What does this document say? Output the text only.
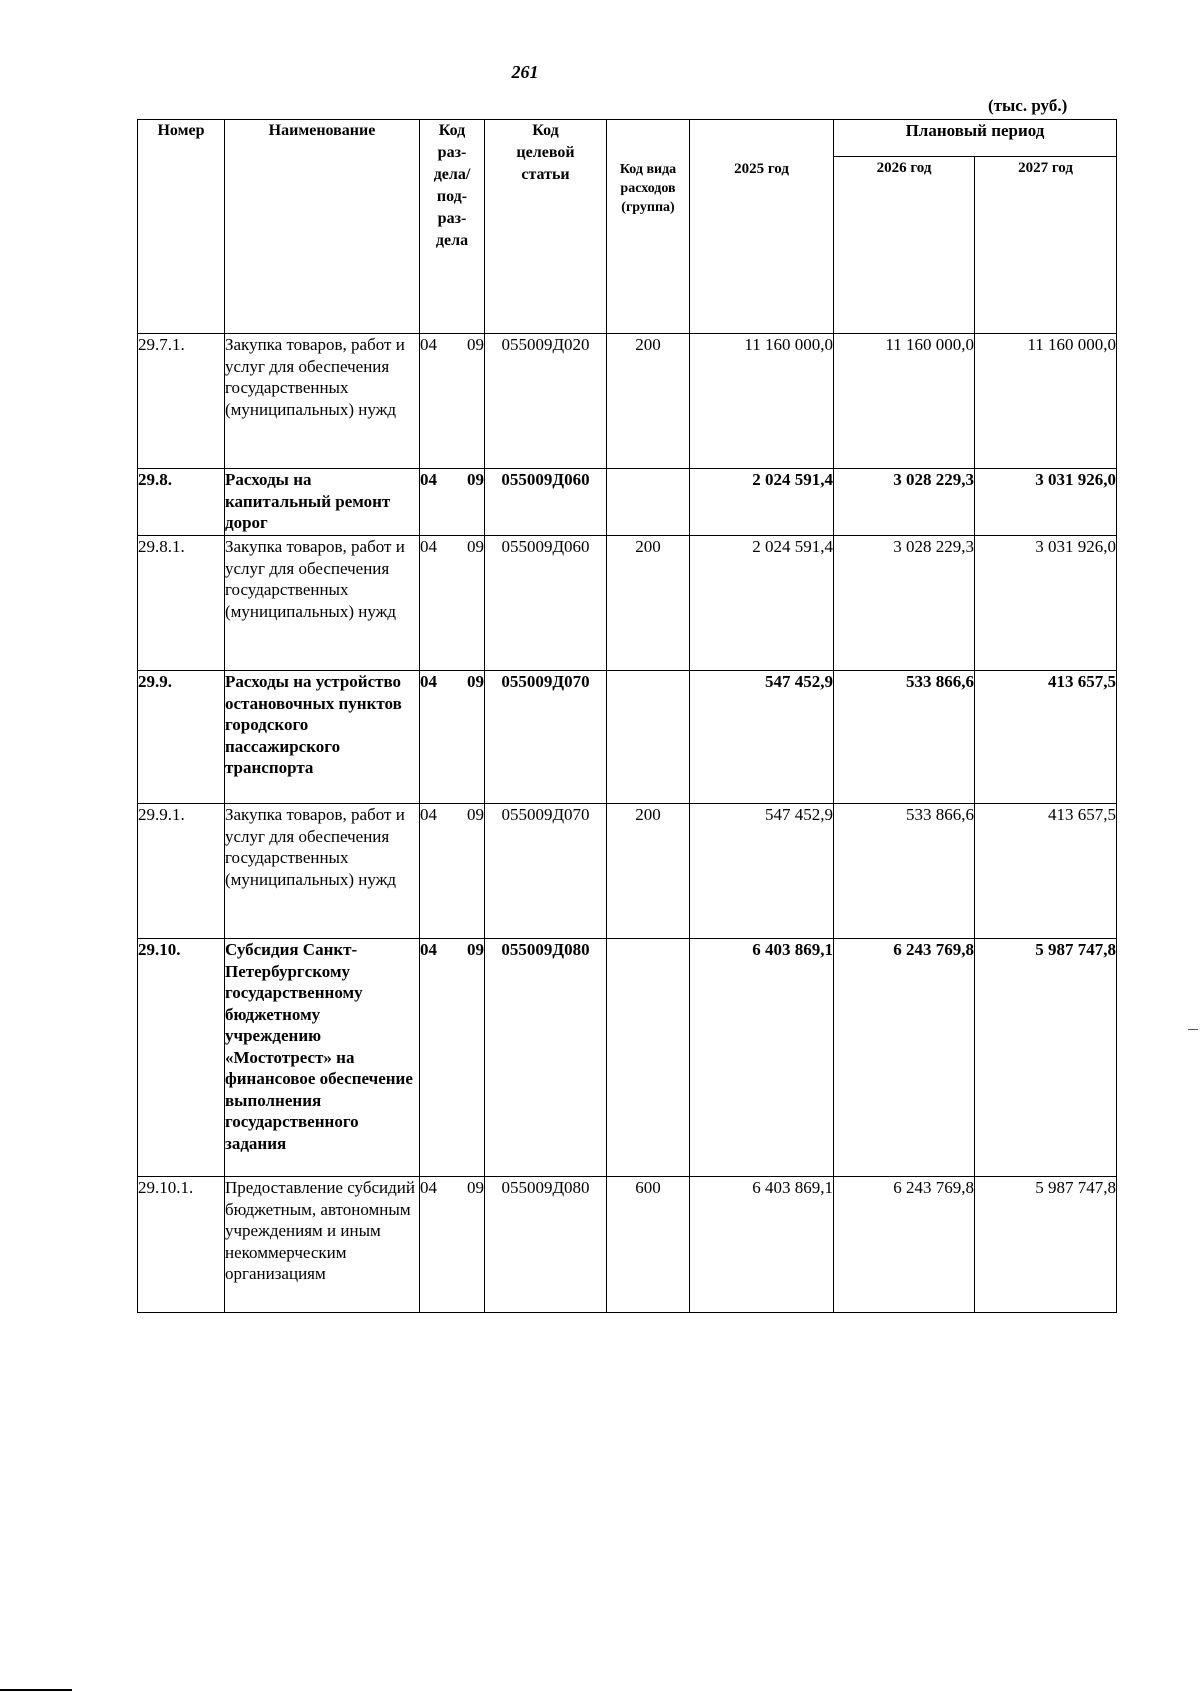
261
(тыс. руб.)
Номер	Наименование	Код раз-дела/ под-раз-дела	Код целевой статьи	Код вида расходов (группа)	2025 год	Плановый период	
						2026 год	2027 год
29.7.1.	Закупка товаров, работ и услуг для обеспечения государственных (муниципальных) нужд	04 09	055009Д020	200	11 160 000,0	11 160 000,0	11 160 000,0
29.8.	Расходы на капитальный ремонт дорог	04 09	055009Д060		2 024 591,4	3 028 229,3	3 031 926,0
29.8.1.	Закупка товаров, работ и услуг для обеспечения государственных (муниципальных) нужд	04 09	055009Д060	200	2 024 591,4	3 028 229,3	3 031 926,0
29.9.	Расходы на устройство остановочных пунктов городского пассажирского транспорта	04 09	055009Д070		547 452,9	533 866,6	413 657,5
29.9.1.	Закупка товаров, работ и услуг для обеспечения государственных (муниципальных) нужд	04 09	055009Д070	200	547 452,9	533 866,6	413 657,5
29.10.	Субсидия Санкт-Петербургскому государственному бюджетному учреждению «Мостотрест» на финансовое обеспечение выполнения государственного задания	04 09	055009Д080		6 403 869,1	6 243 769,8	5 987 747,8
29.10.1.	Предоставление субсидий бюджетным, автономным учреждениям и иным некоммерческим организациям	04 09	055009Д080	600	6 403 869,1	6 243 769,8	5 987 747,8
